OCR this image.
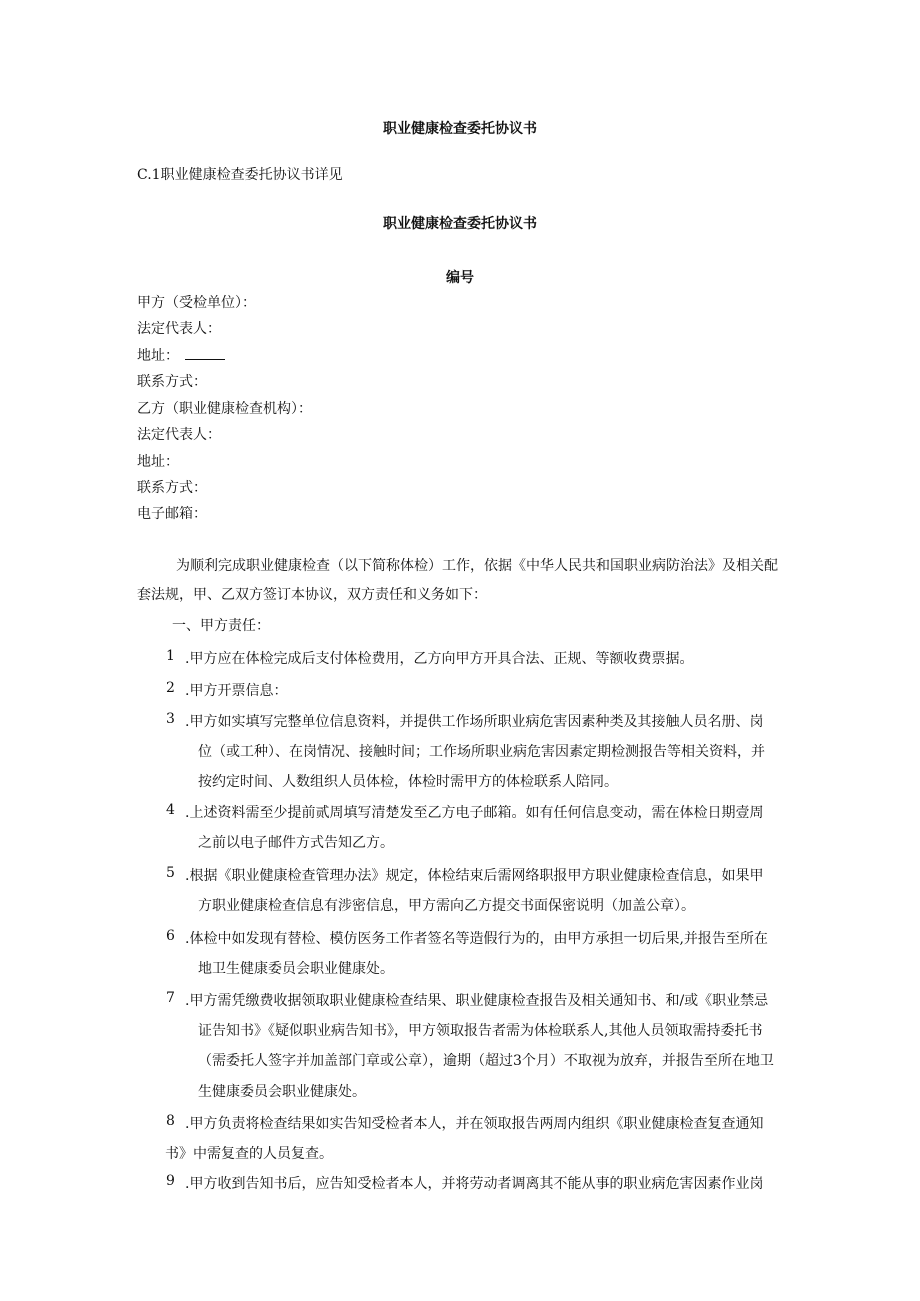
职业健康检查委托协议书
C.1职业健康检查委托协议书详见
职业健康检查委托协议书
编号
甲方（受检单位）：
法定代表人：
地址：
联系方式：
乙方（职业健康检查机构）：
法定代表人：
地址：
联系方式：
电子邮箱：
为顺利完成职业健康检查（以下简称体检）工作，依据《中华人民共和国职业病防治法》及相关配
套法规，甲、乙双方签订本协议，双方责任和义务如下：
一、甲方责任：
1 .甲方应在体检完成后支付体检费用，乙方向甲方开具合法、正规、等额收费票据。
2 .甲方开票信息：
3 .甲方如实填写完整单位信息资料，并提供工作场所职业病危害因素种类及其接触人员名册、岗
位（或工种）、在岗情况、接触时间；工作场所职业病危害因素定期检测报告等相关资料，并
按约定时间、人数组织人员体检，体检时需甲方的体检联系人陪同。
4 .上述资料需至少提前贰周填写清楚发至乙方电子邮箱。如有任何信息变动，需在体检日期壹周
之前以电子邮件方式告知乙方。
5 .根据《职业健康检查管理办法》规定，体检结束后需网络职报甲方职业健康检查信息，如果甲
方职业健康检查信息有涉密信息，甲方需向乙方提交书面保密说明（加盖公章）。
6 .体检中如发现有替检、模仿医务工作者签名等造假行为的，由甲方承担一切后果,并报告至所在
地卫生健康委员会职业健康处。
7 .甲方需凭缴费收据领取职业健康检查结果、职业健康检查报告及相关通知书、和/或《职业禁忌
证告知书》《疑似职业病告知书》，甲方领取报告者需为体检联系人,其他人员领取需持委托书
（需委托人签字并加盖部门章或公章），逾期（超过3个月）不取视为放弃，并报告至所在地卫
生健康委员会职业健康处。
8 .甲方负责将检查结果如实告知受检者本人，并在领取报告两周内组织《职业健康检查复查通知
书》中需复查的人员复查。
9 .甲方收到告知书后，应告知受检者本人，并将劳动者调离其不能从事的职业病危害因素作业岗
